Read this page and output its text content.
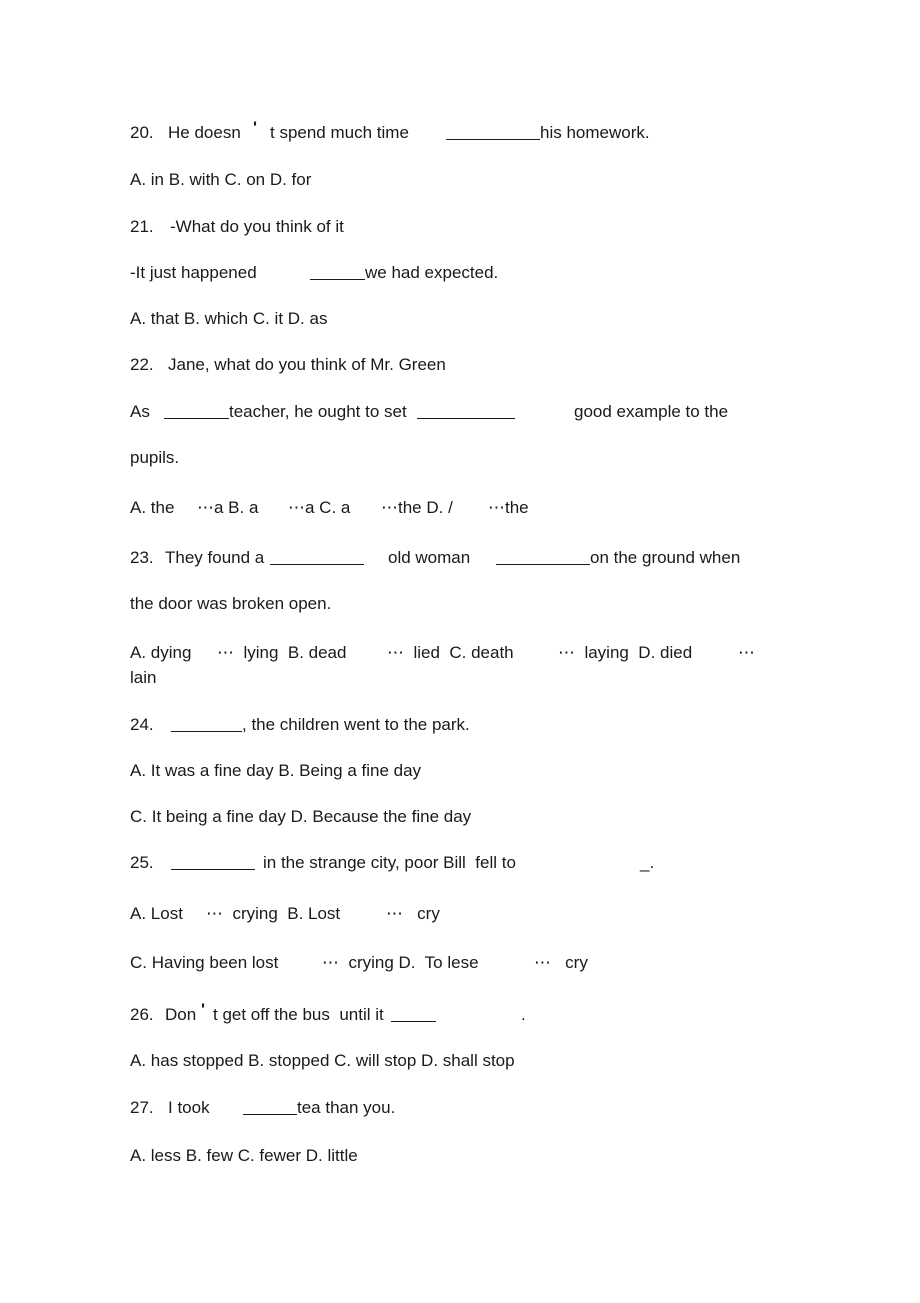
20. He doesn ' t spend much time	his homework.
A. in B. with C. on D. for
21. -What do you think of it
-It just happened	we had expected.
A. that B. which C. it D. as
22. Jane, what do you think of Mr. Green
As	teacher, he ought to set	good example to the
pupils.
A. the ⋯a B. a ⋯a C. a ⋯the D. / ⋯the
23. They found a	old woman	on the ground when
the door was broken open.
A. dying ⋯  lying  B. dead ⋯  lied  C. death	⋯  laying  D. died	⋯
lain
24.	, the children went to the park.
A. It was a fine day B. Being a fine day
C. It being a fine day D. Because the fine day
25.	in the strange city, poor Bill  fell to	_.
A. Lost ⋯  crying  B. Lost	⋯   cry
C. Having been lost	⋯  crying D.  To lese	⋯   cry
26. Don ' t get off the bus  until it	.
A. has stopped B. stopped C. will stop D. shall stop
27. I took	tea than you.
A. less B. few C. fewer D. little
